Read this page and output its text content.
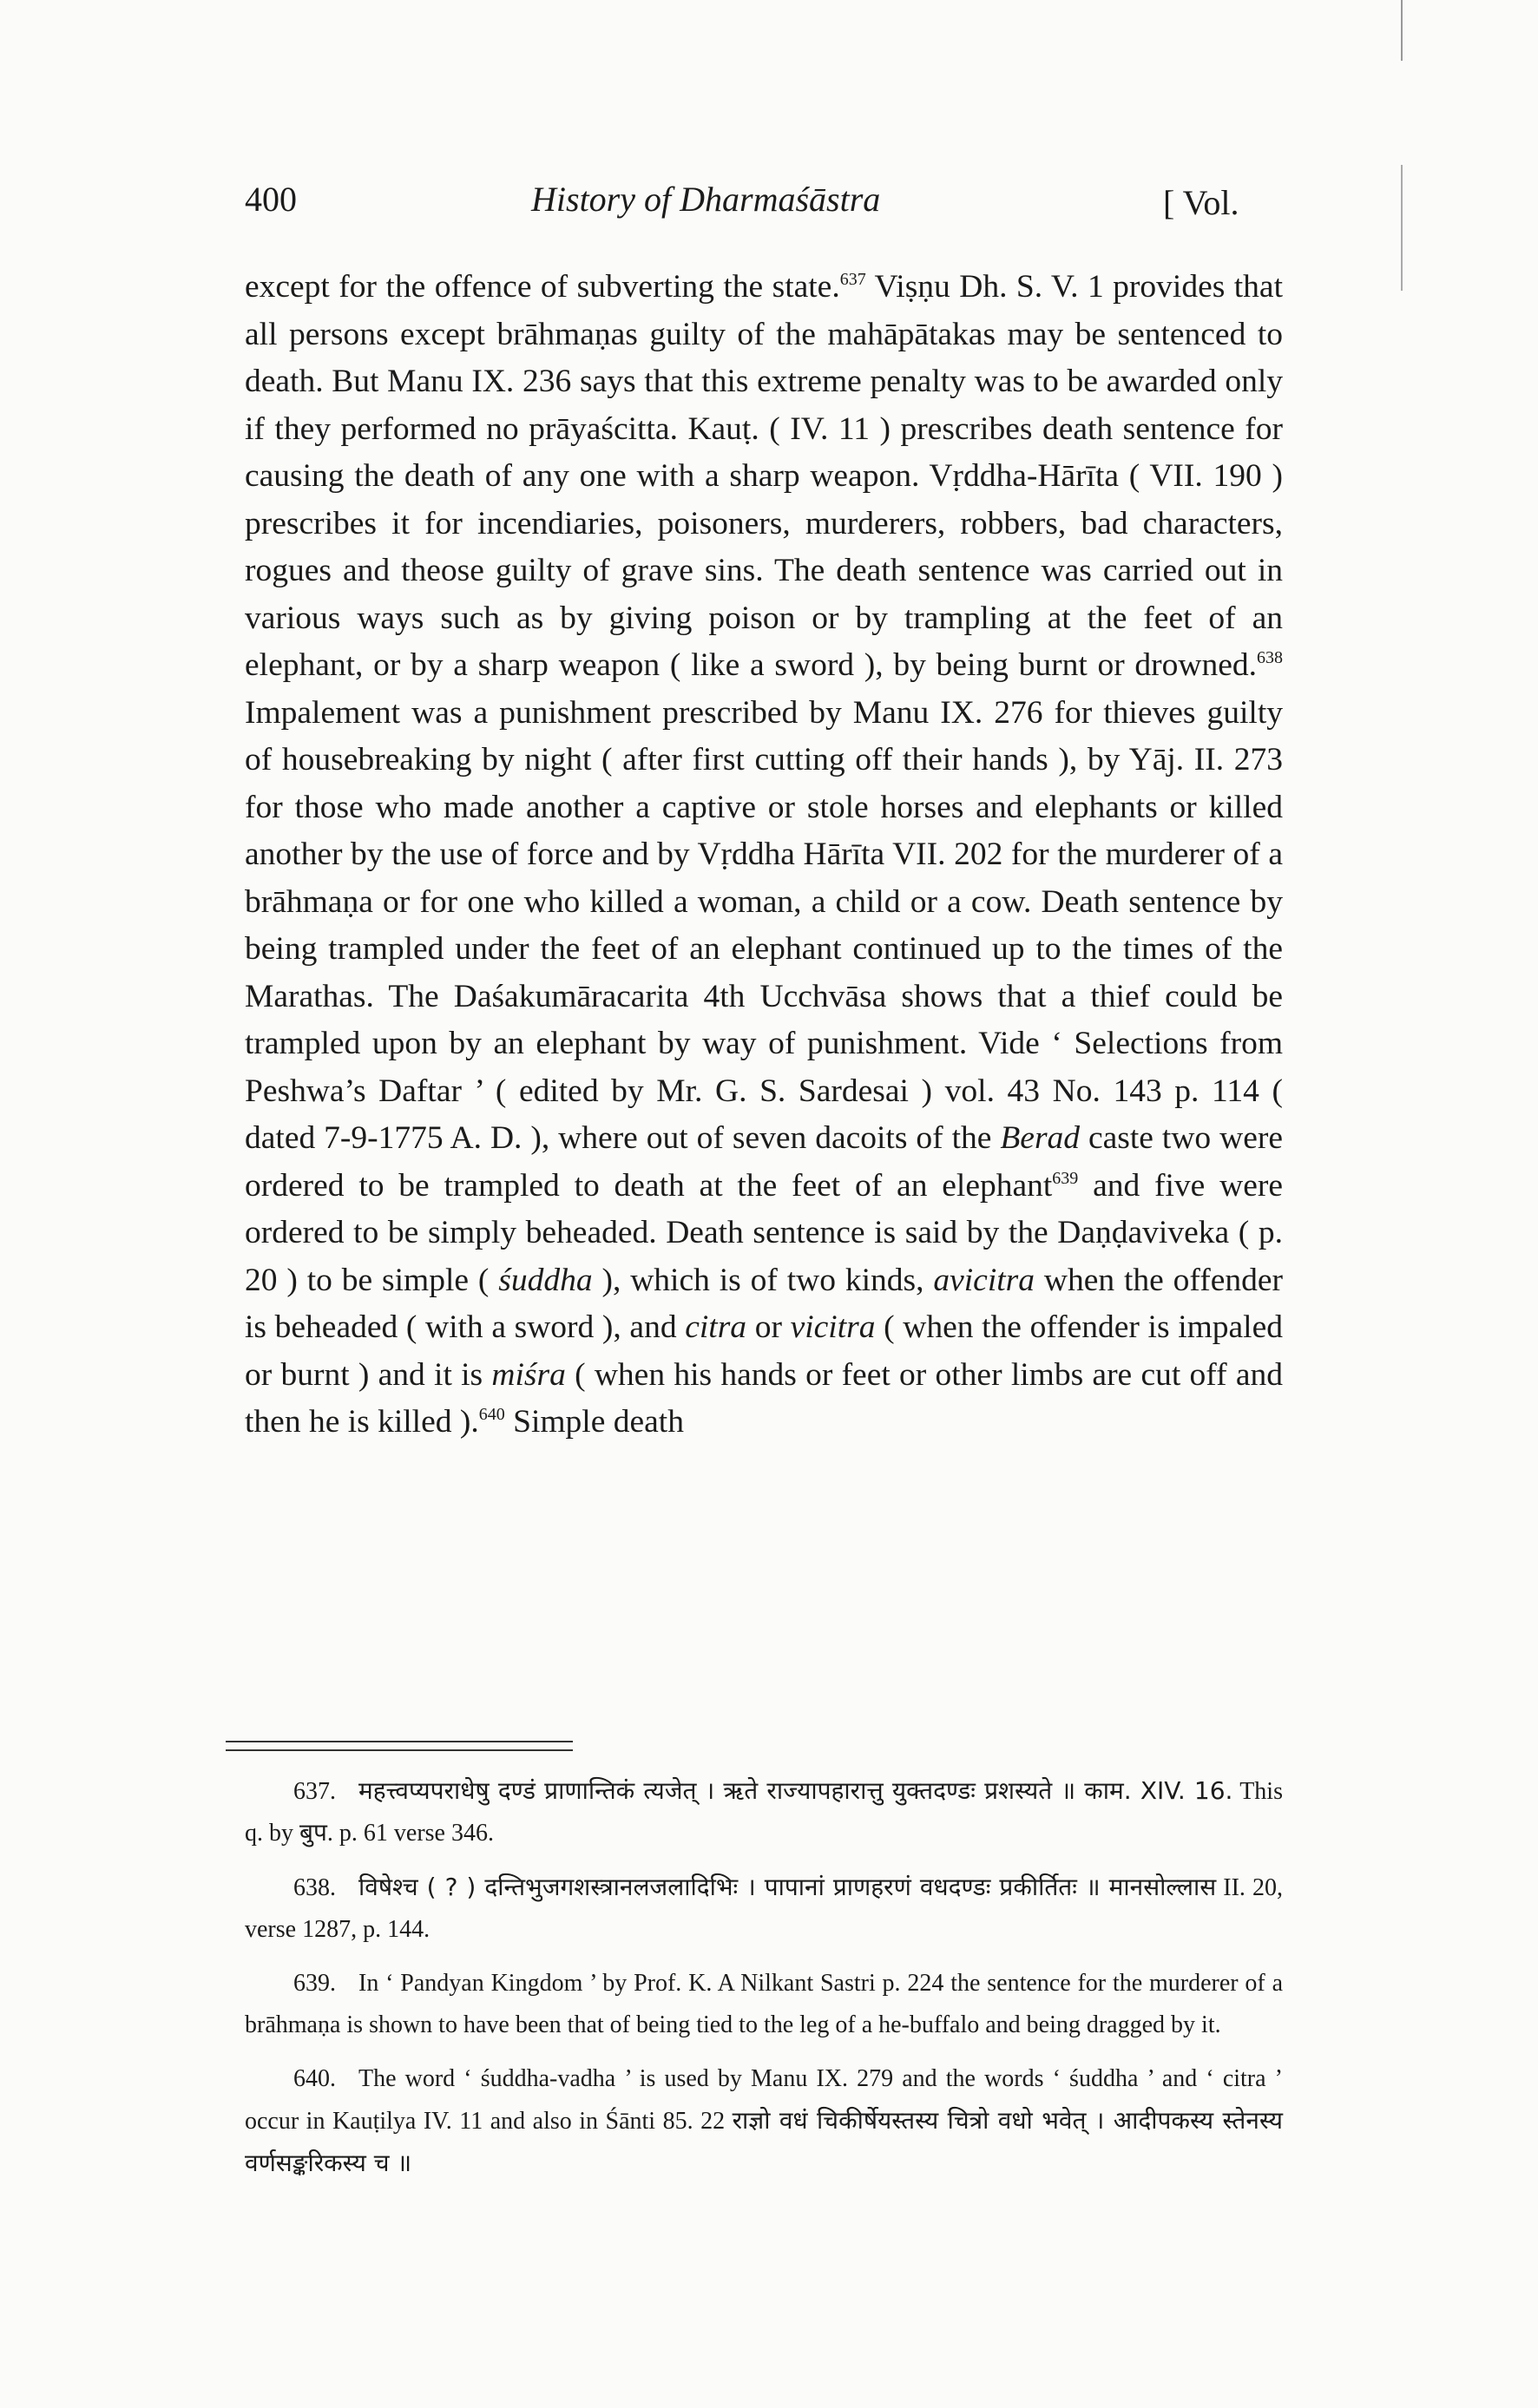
400	History of Dharmaśāstra	[ Vol.
except for the offence of subverting the state.$^{637}$ Viṣṇu Dh. S. V. 1 provides that all persons except brāhmaṇas guilty of the mahāpātakas may be sentenced to death. But Manu IX. 236 says that this extreme penalty was to be awarded only if they performed no prāyaścitta. Kauṭ. ( IV. 11 ) prescribes death sentence for causing the death of any one with a sharp weapon. Vṛddha-Hārīta ( VII. 190 ) prescribes it for incendiaries, poisoners, murderers, robbers, bad characters, rogues and theose guilty of grave sins. The death sentence was carried out in various ways such as by giving poison or by trampling at the feet of an elephant, or by a sharp weapon ( like a sword ), by being burnt or drowned.$^{638}$ Impalement was a punishment prescribed by Manu IX. 276 for thieves guilty of housebreaking by night ( after first cutting off their hands ), by Yāj. II. 273 for those who made another a captive or stole horses and elephants or killed another by the use of force and by Vṛddha Hārīta VII. 202 for the murderer of a brāhmaṇa or for one who killed a woman, a child or a cow. Death sentence by being trampled under the feet of an elephant continued up to the times of the Marathas. The Daśakumāracarita 4th Ucchvāsa shows that a thief could be trampled upon by an elephant by way of punishment. Vide ‘ Selections from Peshwa’s Daftar ’ ( edited by Mr. G. S. Sardesai ) vol. 43 No. 143 p. 114 ( dated 7-9-1775 A. D. ), where out of seven dacoits of the Berad caste two were ordered to be trampled to death at the feet of an elephant$^{639}$ and five were ordered to be simply beheaded. Death sentence is said by the Daṇḍaviveka ( p. 20 ) to be simple ( śuddha ), which is of two kinds, avicitra when the offender is beheaded ( with a sword ), and citra or vicitra ( when the offender is impaled or burnt ) and it is miśra ( when his hands or feet or other limbs are cut off and then he is killed ).$^{640}$ Simple death

637. महत्त्वप्यपराधेषु दण्डं प्राणान्तिकं त्यजेत् । ऋते राज्यापहारात्तु युक्तदण्डः प्रशस्यते ॥ काम. XIV. 16. This q. by बुप. p. 61 verse 346.

638. विषेश्च ( ? ) दन्तिभुजगशस्त्रानलजलादिभिः । पापानां प्राणहरणं वधदण्डः प्रकीर्तितः ॥ मानसोल्लास II. 20, verse 1287, p. 144.

639. In ‘ Pandyan Kingdom ’ by Prof. K. A Nilkant Sastri p. 224 the sentence for the murderer of a brāhmaṇa is shown to have been that of being tied to the leg of a he-buffalo and being dragged by it.

640. The word ‘ śuddha-vadha ’ is used by Manu IX. 279 and the words ‘ śuddha ’ and ‘ citra ’ occur in Kauṭilya IV. 11 and also in Śānti 85. 22 राज्ञो वधं चिकीर्षेयस्तस्य चित्रो वधो भवेत् । आदीपकस्य स्तेनस्य वर्णसङ्करिकस्य च ॥
